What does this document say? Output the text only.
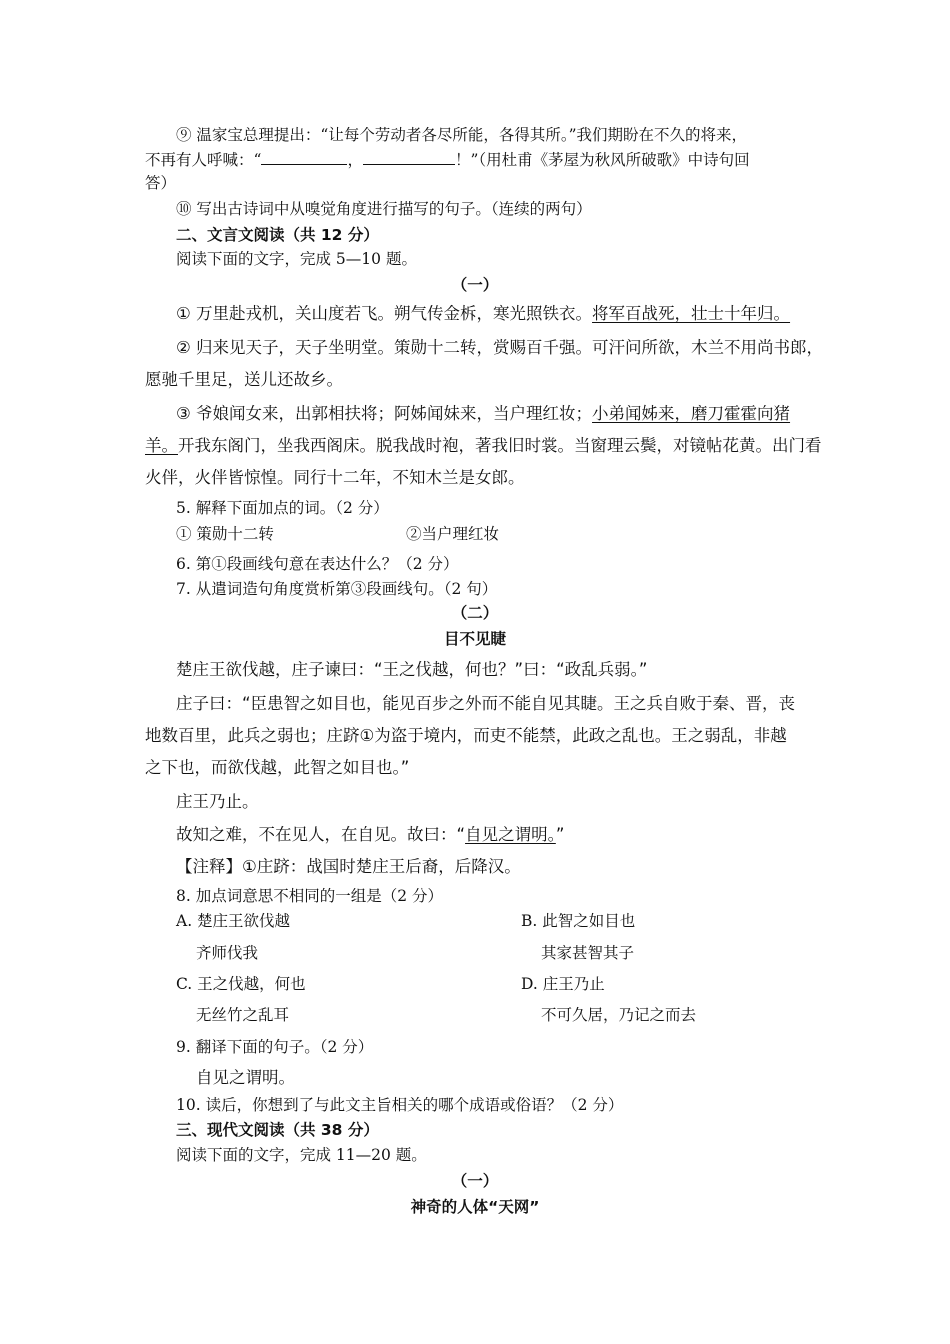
⑨ 温家宝总理提出：“让每个劳动者各尽所能，各得其所。”我们期盼在不久的将来，
不再有人呼喊：“	，	！”（用杜甫《茅屋为秋风所破歌》中诗句回
答）
⑩ 写出古诗词中从嗅觉角度进行描写的句子。（连续的两句）
二、文言文阅读（共 12 分）
阅读下面的文字，完成 5—10 题。
（一）
① 万里赴戎机，关山度若飞。朔气传金柝，寒光照铁衣。将军百战死，壮士十年归。
② 归来见天子，天子坐明堂。策勋十二转，赏赐百千强。可汗问所欲，木兰不用尚书郎，
愿驰千里足，送儿还故乡。
③ 爷娘闻女来，出郭相扶将；阿姊闻妹来，当户理红妆；小弟闻姊来，磨刀霍霍向猪
羊。开我东阁门，坐我西阁床。脱我战时袍，著我旧时裳。当窗理云鬓，对镜帖花黄。出门看
火伴，火伴皆惊惶。同行十二年，不知木兰是女郎。
5. 解释下面加点的词。（2 分）
① 策勋十二转	②当户理红妆
6. 第①段画线句意在表达什么？（2 分）
7. 从遣词造句角度赏析第③段画线句。（2 句）
（二）
目不见睫
楚庄王欲伐越，庄子谏曰：“王之伐越，何也？”曰：“政乱兵弱。”
庄子曰：“臣患智之如目也，能见百步之外而不能自见其睫。王之兵自败于秦、晋，丧
地数百里，此兵之弱也；庄跻①为盗于境内，而吏不能禁，此政之乱也。王之弱乱，非越
之下也，而欲伐越，此智之如目也。”
庄王乃止。
故知之难，不在见人，在自见。故曰：“自见之谓明。”
【注释】①庄跻：战国时楚庄王后裔，后降汉。
8. 加点词意思不相同的一组是（2 分）
A. 楚庄王欲伐越
齐师伐我
B. 此智之如目也
其家甚智其子
C. 王之伐越，何也
无丝竹之乱耳
D. 庄王乃止
不可久居，乃记之而去
9. 翻译下面的句子。（2 分）
自见之谓明。
10. 读后，你想到了与此文主旨相关的哪个成语或俗语？（2 分）
三、现代文阅读（共 38 分）
阅读下面的文字，完成 11—20 题。
（一）
神奇的人体“天网”
